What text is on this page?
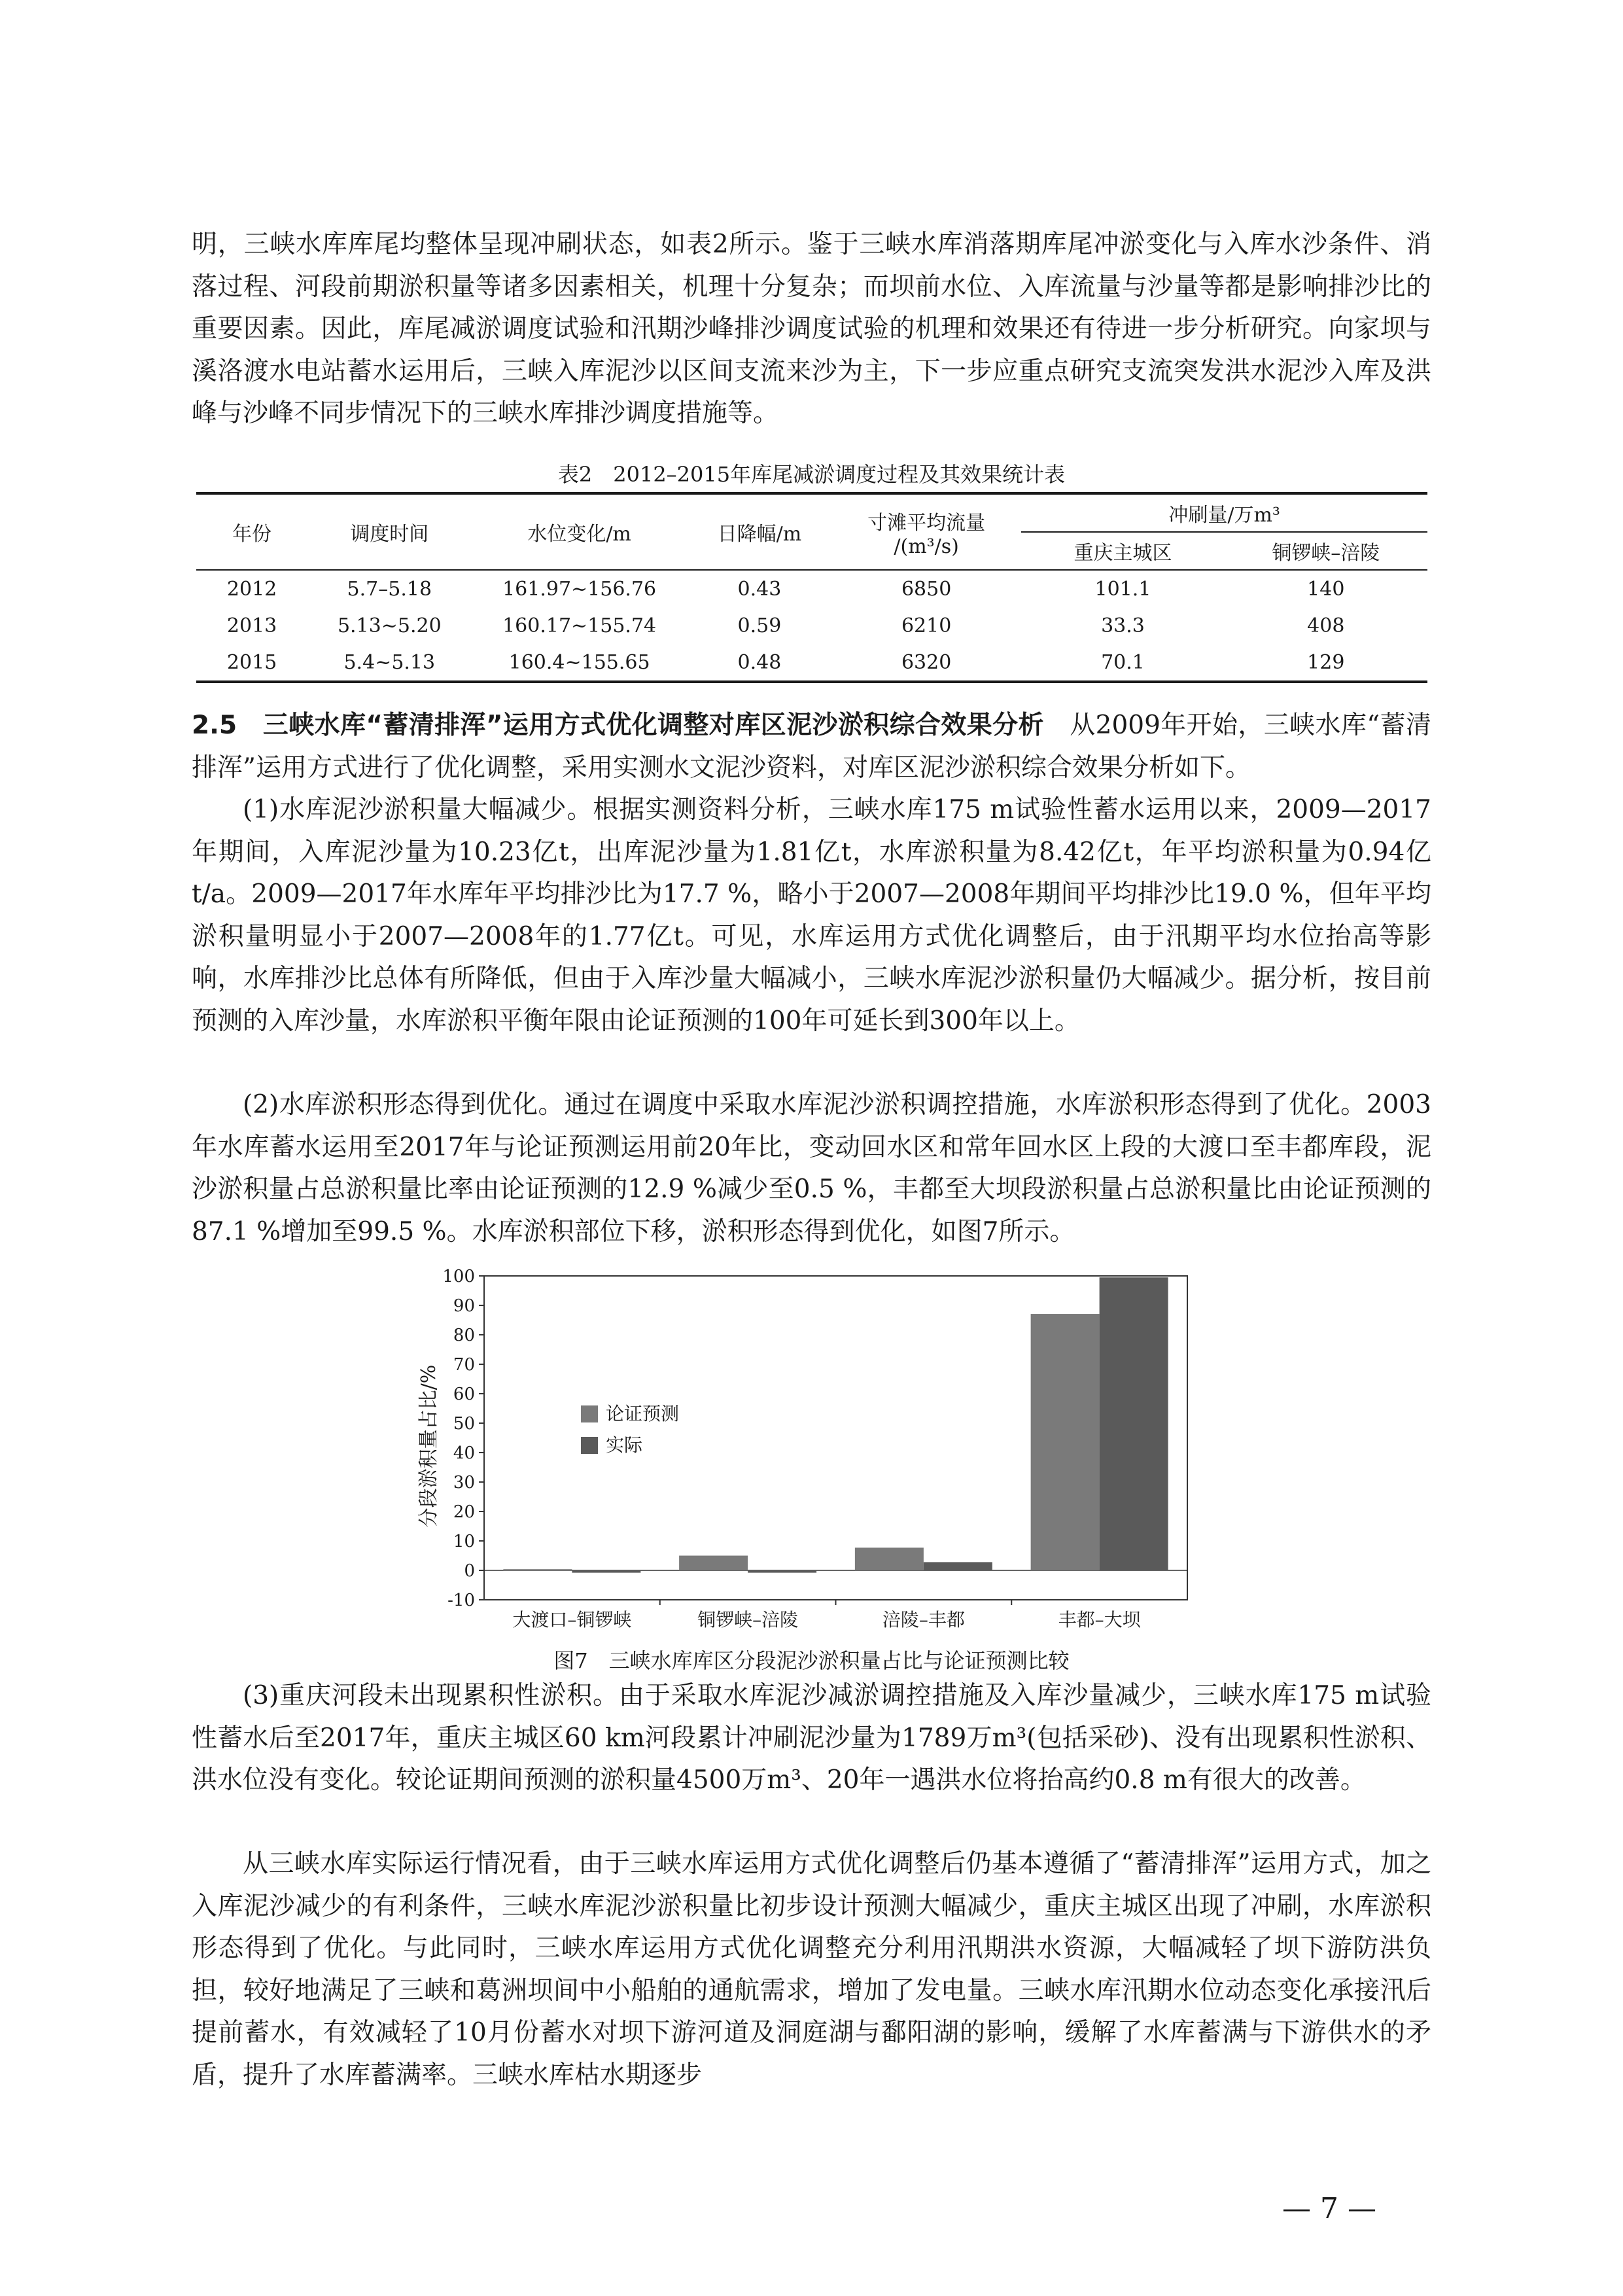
明，三峡水库库尾均整体呈现冲刷状态，如表2所示。鉴于三峡水库消落期库尾冲淤变化与入库水沙条件、消落过程、河段前期淤积量等诸多因素相关，机理十分复杂；而坝前水位、入库流量与沙量等都是影响排沙比的重要因素。因此，库尾减淤调度试验和汛期沙峰排沙调度试验的机理和效果还有待进一步分析研究。向家坝与溪洛渡水电站蓄水运用后，三峡入库泥沙以区间支流来沙为主，下一步应重点研究支流突发洪水泥沙入库及洪峰与沙峰不同步情况下的三峡水库排沙调度措施等。

表2　2012–2015年库尾减淤调度过程及其效果统计表

年份	调度时间	水位变化/m	日降幅/m	寸滩平均流量
/(m³/s)	冲刷量/万m³	
					重庆主城区	铜锣峡–涪陵
2012	5.7–5.18	161.97~156.76	0.43	6850	101.1	140
2013	5.13~5.20	160.17~155.74	0.59	6210	33.3	408
2015	5.4~5.13	160.4~155.65	0.48	6320	70.1	129

2.5　三峡水库“蓄清排浑”运用方式优化调整对库区泥沙淤积综合效果分析　从2009年开始，三峡水库“蓄清排浑”运用方式进行了优化调整，采用实测水文泥沙资料，对库区泥沙淤积综合效果分析如下。

(1)水库泥沙淤积量大幅减少。根据实测资料分析，三峡水库175 m试验性蓄水运用以来，2009—2017年期间，入库泥沙量为10.23亿t，出库泥沙量为1.81亿t，水库淤积量为8.42亿t，年平均淤积量为0.94亿t/a。2009—2017年水库年平均排沙比为17.7 %，略小于2007—2008年期间平均排沙比19.0 %，但年平均淤积量明显小于2007—2008年的1.77亿t。可见，水库运用方式优化调整后，由于汛期平均水位抬高等影响，水库排沙比总体有所降低，但由于入库沙量大幅减小，三峡水库泥沙淤积量仍大幅减少。据分析，按目前预测的入库沙量，水库淤积平衡年限由论证预测的100年可延长到300年以上。

(2)水库淤积形态得到优化。通过在调度中采取水库泥沙淤积调控措施，水库淤积形态得到了优化。2003年水库蓄水运用至2017年与论证预测运用前20年比，变动回水区和常年回水区上段的大渡口至丰都库段，泥沙淤积量占总淤积量比率由论证预测的12.9 %减少至0.5 %，丰都至大坝段淤积量占总淤积量比由论证预测的87.1 %增加至99.5 %。水库淤积部位下移，淤积形态得到优化，如图7所示。

-10
0
10
20
30
40
50
60
70
80
90
100
大渡口–铜锣峡	铜锣峡–涪陵	涪陵–丰都	丰都–大坝
论证预测
实际
分段淤积量占比/%

图7　三峡水库库区分段泥沙淤积量占比与论证预测比较

(3)重庆河段未出现累积性淤积。由于采取水库泥沙减淤调控措施及入库沙量减少，三峡水库175 m试验性蓄水后至2017年，重庆主城区60 km河段累计冲刷泥沙量为1789万m³(包括采砂)、没有出现累积性淤积、洪水位没有变化。较论证期间预测的淤积量4500万m³、20年一遇洪水位将抬高约0.8 m有很大的改善。

从三峡水库实际运行情况看，由于三峡水库运用方式优化调整后仍基本遵循了“蓄清排浑”运用方式，加之入库泥沙减少的有利条件，三峡水库泥沙淤积量比初步设计预测大幅减少，重庆主城区出现了冲刷，水库淤积形态得到了优化。与此同时，三峡水库运用方式优化调整充分利用汛期洪水资源，大幅减轻了坝下游防洪负担，较好地满足了三峡和葛洲坝间中小船舶的通航需求，增加了发电量。三峡水库汛期水位动态变化承接汛后提前蓄水，有效减轻了10月份蓄水对坝下游河道及洞庭湖与鄱阳湖的影响，缓解了水库蓄满与下游供水的矛盾，提升了水库蓄满率。三峡水库枯水期逐步

— 7 —
